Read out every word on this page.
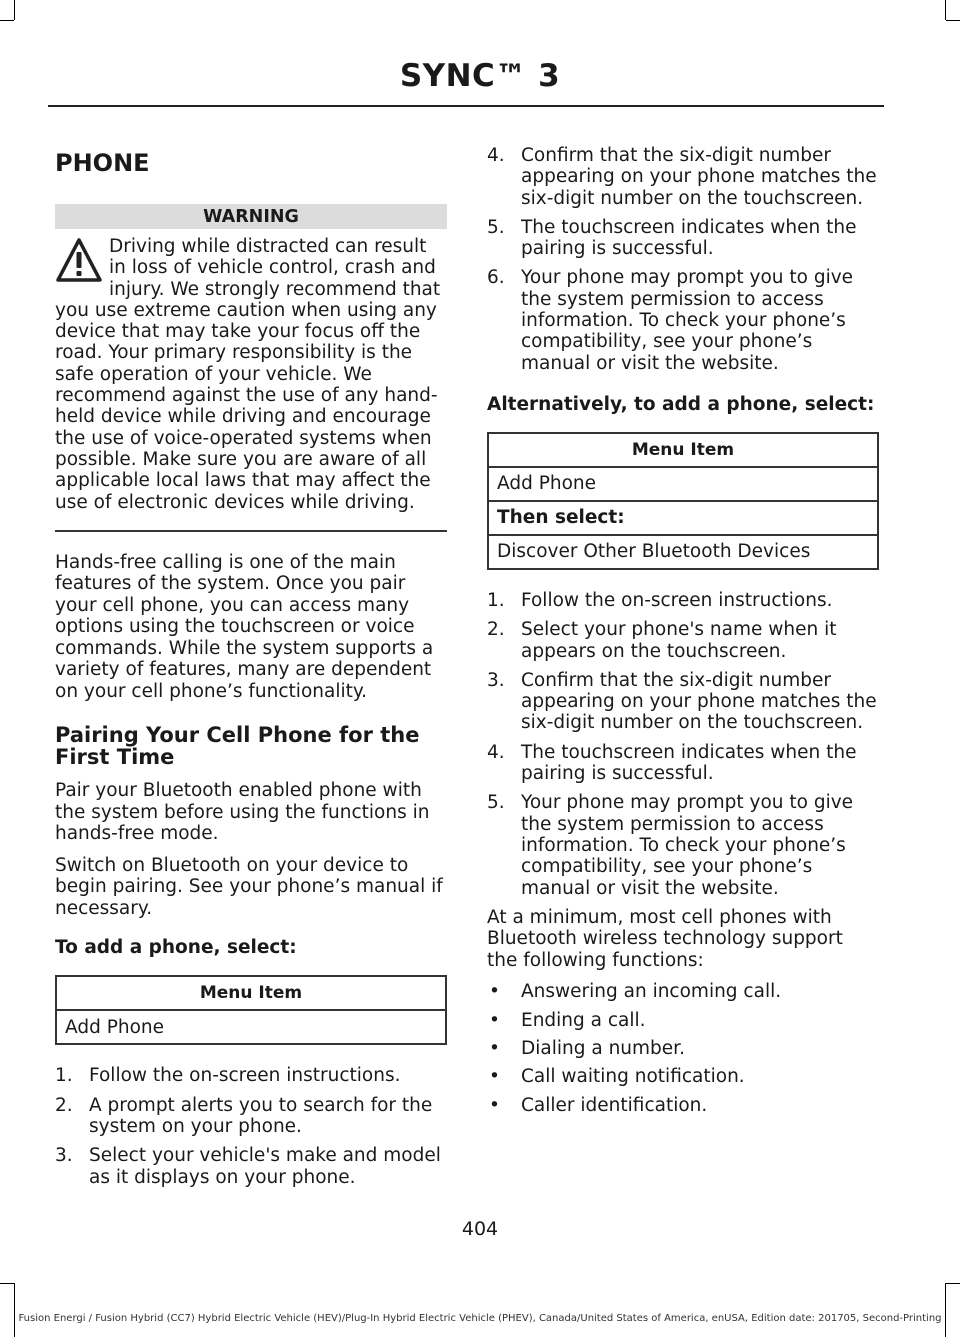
SYNC™ 3
PHONE
WARNING
Driving while distracted can result in loss of vehicle control, crash and injury. We strongly recommend that you use extreme caution when using any device that may take your focus off the road. Your primary responsibility is the safe operation of your vehicle. We recommend against the use of any hand-held device while driving and encourage the use of voice-operated systems when possible. Make sure you are aware of all applicable local laws that may affect the use of electronic devices while driving.

Hands-free calling is one of the main features of the system. Once you pair your cell phone, you can access many options using the touchscreen or voice commands. While the system supports a variety of features, many are dependent on your cell phone’s functionality.

Pairing Your Cell Phone for the First Time

Pair your Bluetooth enabled phone with the system before using the functions in hands-free mode.

Switch on Bluetooth on your device to begin pairing. See your phone’s manual if necessary.

To add a phone, select:
Menu Item
Add Phone
1. Follow the on-screen instructions.
2. A prompt alerts you to search for the system on your phone.
3. Select your vehicle's make and model as it displays on your phone.
4. Confirm that the six-digit number appearing on your phone matches the six-digit number on the touchscreen.
5. The touchscreen indicates when the pairing is successful.
6. Your phone may prompt you to give the system permission to access information. To check your phone’s compatibility, see your phone’s manual or visit the website.
Alternatively, to add a phone, select:
Menu Item
Add Phone
Then select:
Discover Other Bluetooth Devices
1. Follow the on-screen instructions.
2. Select your phone's name when it appears on the touchscreen.
3. Confirm that the six-digit number appearing on your phone matches the six-digit number on the touchscreen.
4. The touchscreen indicates when the pairing is successful.
5. Your phone may prompt you to give the system permission to access information. To check your phone’s compatibility, see your phone’s manual or visit the website.

At a minimum, most cell phones with Bluetooth wireless technology support the following functions:

• Answering an incoming call.
• Ending a call.
• Dialing a number.
• Call waiting notification.
• Caller identification.
404
Fusion Energi / Fusion Hybrid (CC7) Hybrid Electric Vehicle (HEV)/Plug-In Hybrid Electric Vehicle (PHEV), Canada/United States of America, enUSA, Edition date: 201705, Second-Printing
